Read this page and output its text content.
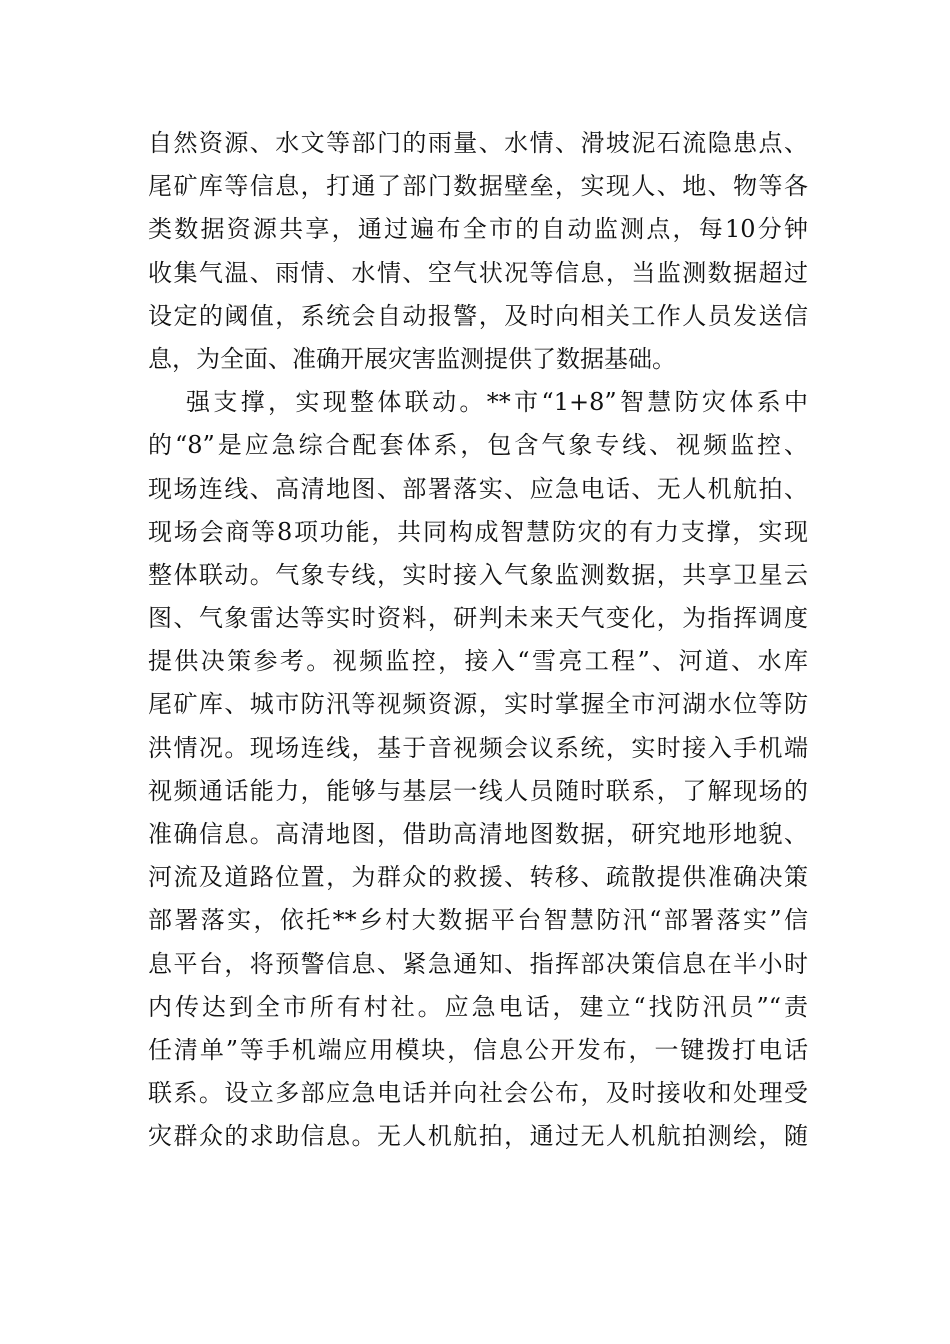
自然资源、水文等部门的雨量、水情、滑坡泥石流隐患点、
尾矿库等信息，打通了部门数据壁垒，实现人、地、物等各
类数据资源共享，通过遍布全市的自动监测点，每10分钟
收集气温、雨情、水情、空气状况等信息，当监测数据超过
设定的阈值，系统会自动报警，及时向相关工作人员发送信
息，为全面、准确开展灾害监测提供了数据基础。
强支撑，实现整体联动。**市“1+8”智慧防灾体系中
的“8”是应急综合配套体系，包含气象专线、视频监控、
现场连线、高清地图、部署落实、应急电话、无人机航拍、
现场会商等8项功能，共同构成智慧防灾的有力支撑，实现
整体联动。气象专线，实时接入气象监测数据，共享卫星云
图、气象雷达等实时资料，研判未来天气变化，为指挥调度
提供决策参考。视频监控，接入“雪亮工程”、河道、水库
尾矿库、城市防汛等视频资源，实时掌握全市河湖水位等防
洪情况。现场连线，基于音视频会议系统，实时接入手机端
视频通话能力，能够与基层一线人员随时联系，了解现场的
准确信息。高清地图，借助高清地图数据，研究地形地貌、
河流及道路位置，为群众的救援、转移、疏散提供准确决策
部署落实，依托**乡村大数据平台智慧防汛“部署落实”信
息平台，将预警信息、紧急通知、指挥部决策信息在半小时
内传达到全市所有村社。应急电话，建立“找防汛员”“责
任清单”等手机端应用模块，信息公开发布，一键拨打电话
联系。设立多部应急电话并向社会公布，及时接收和处理受
灾群众的求助信息。无人机航拍，通过无人机航拍测绘，随
